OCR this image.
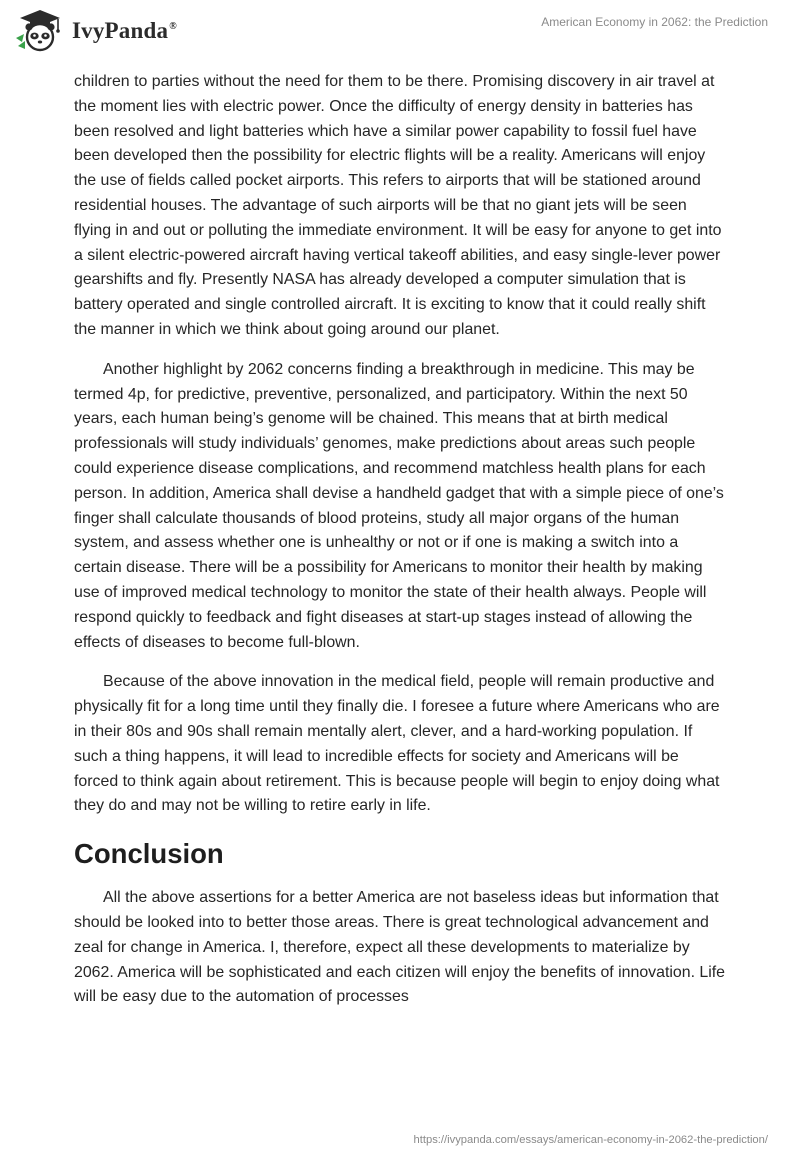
IvyPanda®	American Economy in 2062: the Prediction

children to parties without the need for them to be there. Promising discovery in air travel at the moment lies with electric power. Once the difficulty of energy density in batteries has been resolved and light batteries which have a similar power capability to fossil fuel have been developed then the possibility for electric flights will be a reality. Americans will enjoy the use of fields called pocket airports. This refers to airports that will be stationed around residential houses. The advantage of such airports will be that no giant jets will be seen flying in and out or polluting the immediate environment. It will be easy for anyone to get into a silent electric-powered aircraft having vertical takeoff abilities, and easy single-lever power gearshifts and fly. Presently NASA has already developed a computer simulation that is battery operated and single controlled aircraft. It is exciting to know that it could really shift the manner in which we think about going around our planet.

Another highlight by 2062 concerns finding a breakthrough in medicine. This may be termed 4p, for predictive, preventive, personalized, and participatory. Within the next 50 years, each human being’s genome will be chained. This means that at birth medical professionals will study individuals’ genomes, make predictions about areas such people could experience disease complications, and recommend matchless health plans for each person. In addition, America shall devise a handheld gadget that with a simple piece of one’s finger shall calculate thousands of blood proteins, study all major organs of the human system, and assess whether one is unhealthy or not or if one is making a switch into a certain disease. There will be a possibility for Americans to monitor their health by making use of improved medical technology to monitor the state of their health always. People will respond quickly to feedback and fight diseases at start-up stages instead of allowing the effects of diseases to become full-blown.

Because of the above innovation in the medical field, people will remain productive and physically fit for a long time until they finally die. I foresee a future where Americans who are in their 80s and 90s shall remain mentally alert, clever, and a hard-working population. If such a thing happens, it will lead to incredible effects for society and Americans will be forced to think again about retirement. This is because people will begin to enjoy doing what they do and may not be willing to retire early in life.

Conclusion

All the above assertions for a better America are not baseless ideas but information that should be looked into to better those areas. There is great technological advancement and zeal for change in America. I, therefore, expect all these developments to materialize by 2062. America will be sophisticated and each citizen will enjoy the benefits of innovation. Life will be easy due to the automation of processes

https://ivypanda.com/essays/american-economy-in-2062-the-prediction/
